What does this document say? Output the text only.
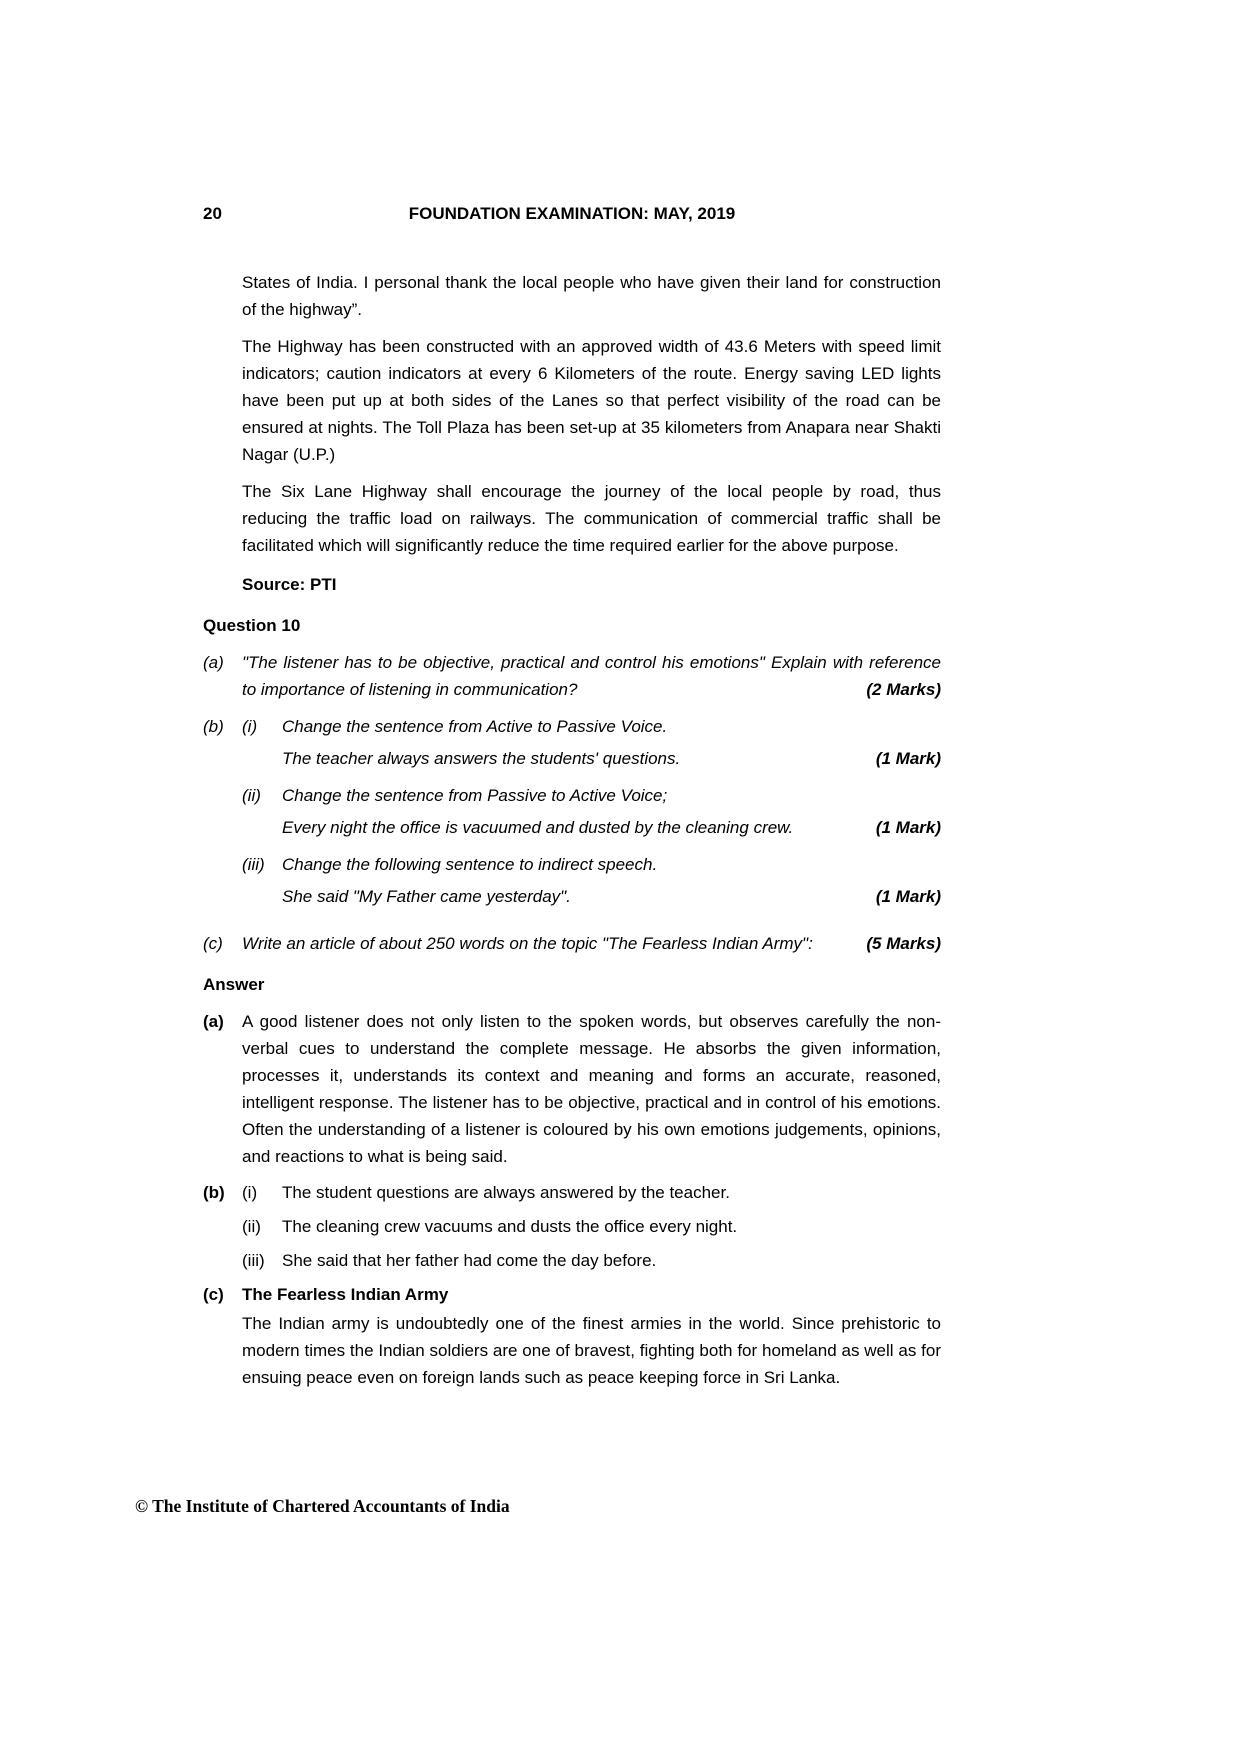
20	FOUNDATION EXAMINATION: MAY, 2019

States of India. I personal thank the local people who have given their land for construction of the highway”.

The Highway has been constructed with an approved width of 43.6 Meters with speed limit indicators; caution indicators at every 6 Kilometers of the route. Energy saving LED lights have been put up at both sides of the Lanes so that perfect visibility of the road can be ensured at nights. The Toll Plaza has been set-up at 35 kilometers from Anapara near Shakti Nagar (U.P.)

The Six Lane Highway shall encourage the journey of the local people by road, thus reducing the traffic load on railways. The communication of commercial traffic shall be facilitated which will significantly reduce the time required earlier for the above purpose.

Source: PTI

Question 10
(a)	"The listener has to be objective, practical and control his emotions" Explain with reference to importance of listening in communication?	(2 Marks)
(b)	(i)	Change the sentence from Active to Passive Voice.
The teacher always answers the students' questions.	(1 Mark)
(ii)	Change the sentence from Passive to Active Voice;
Every night the office is vacuumed and dusted by the cleaning crew.	(1 Mark)
(iii)	Change the following sentence to indirect speech.
She said "My Father came yesterday".	(1 Mark)
(c)	Write an article of about 250 words on the topic "The Fearless Indian Army":	(5 Marks)
Answer
(a)	A good listener does not only listen to the spoken words, but observes carefully the non-verbal cues to understand the complete message. He absorbs the given information, processes it, understands its context and meaning and forms an accurate, reasoned, intelligent response. The listener has to be objective, practical and in control of his emotions. Often the understanding of a listener is coloured by his own emotions judgements, opinions, and reactions to what is being said.
(b)	(i)	The student questions are always answered by the teacher.
(ii)	The cleaning crew vacuums and dusts the office every night.
(iii)	She said that her father had come the day before.
(c)	The Fearless Indian Army

The Indian army is undoubtedly one of the finest armies in the world. Since prehistoric to modern times the Indian soldiers are one of bravest, fighting both for homeland as well as for ensuing peace even on foreign lands such as peace keeping force in Sri Lanka.

© The Institute of Chartered Accountants of India
